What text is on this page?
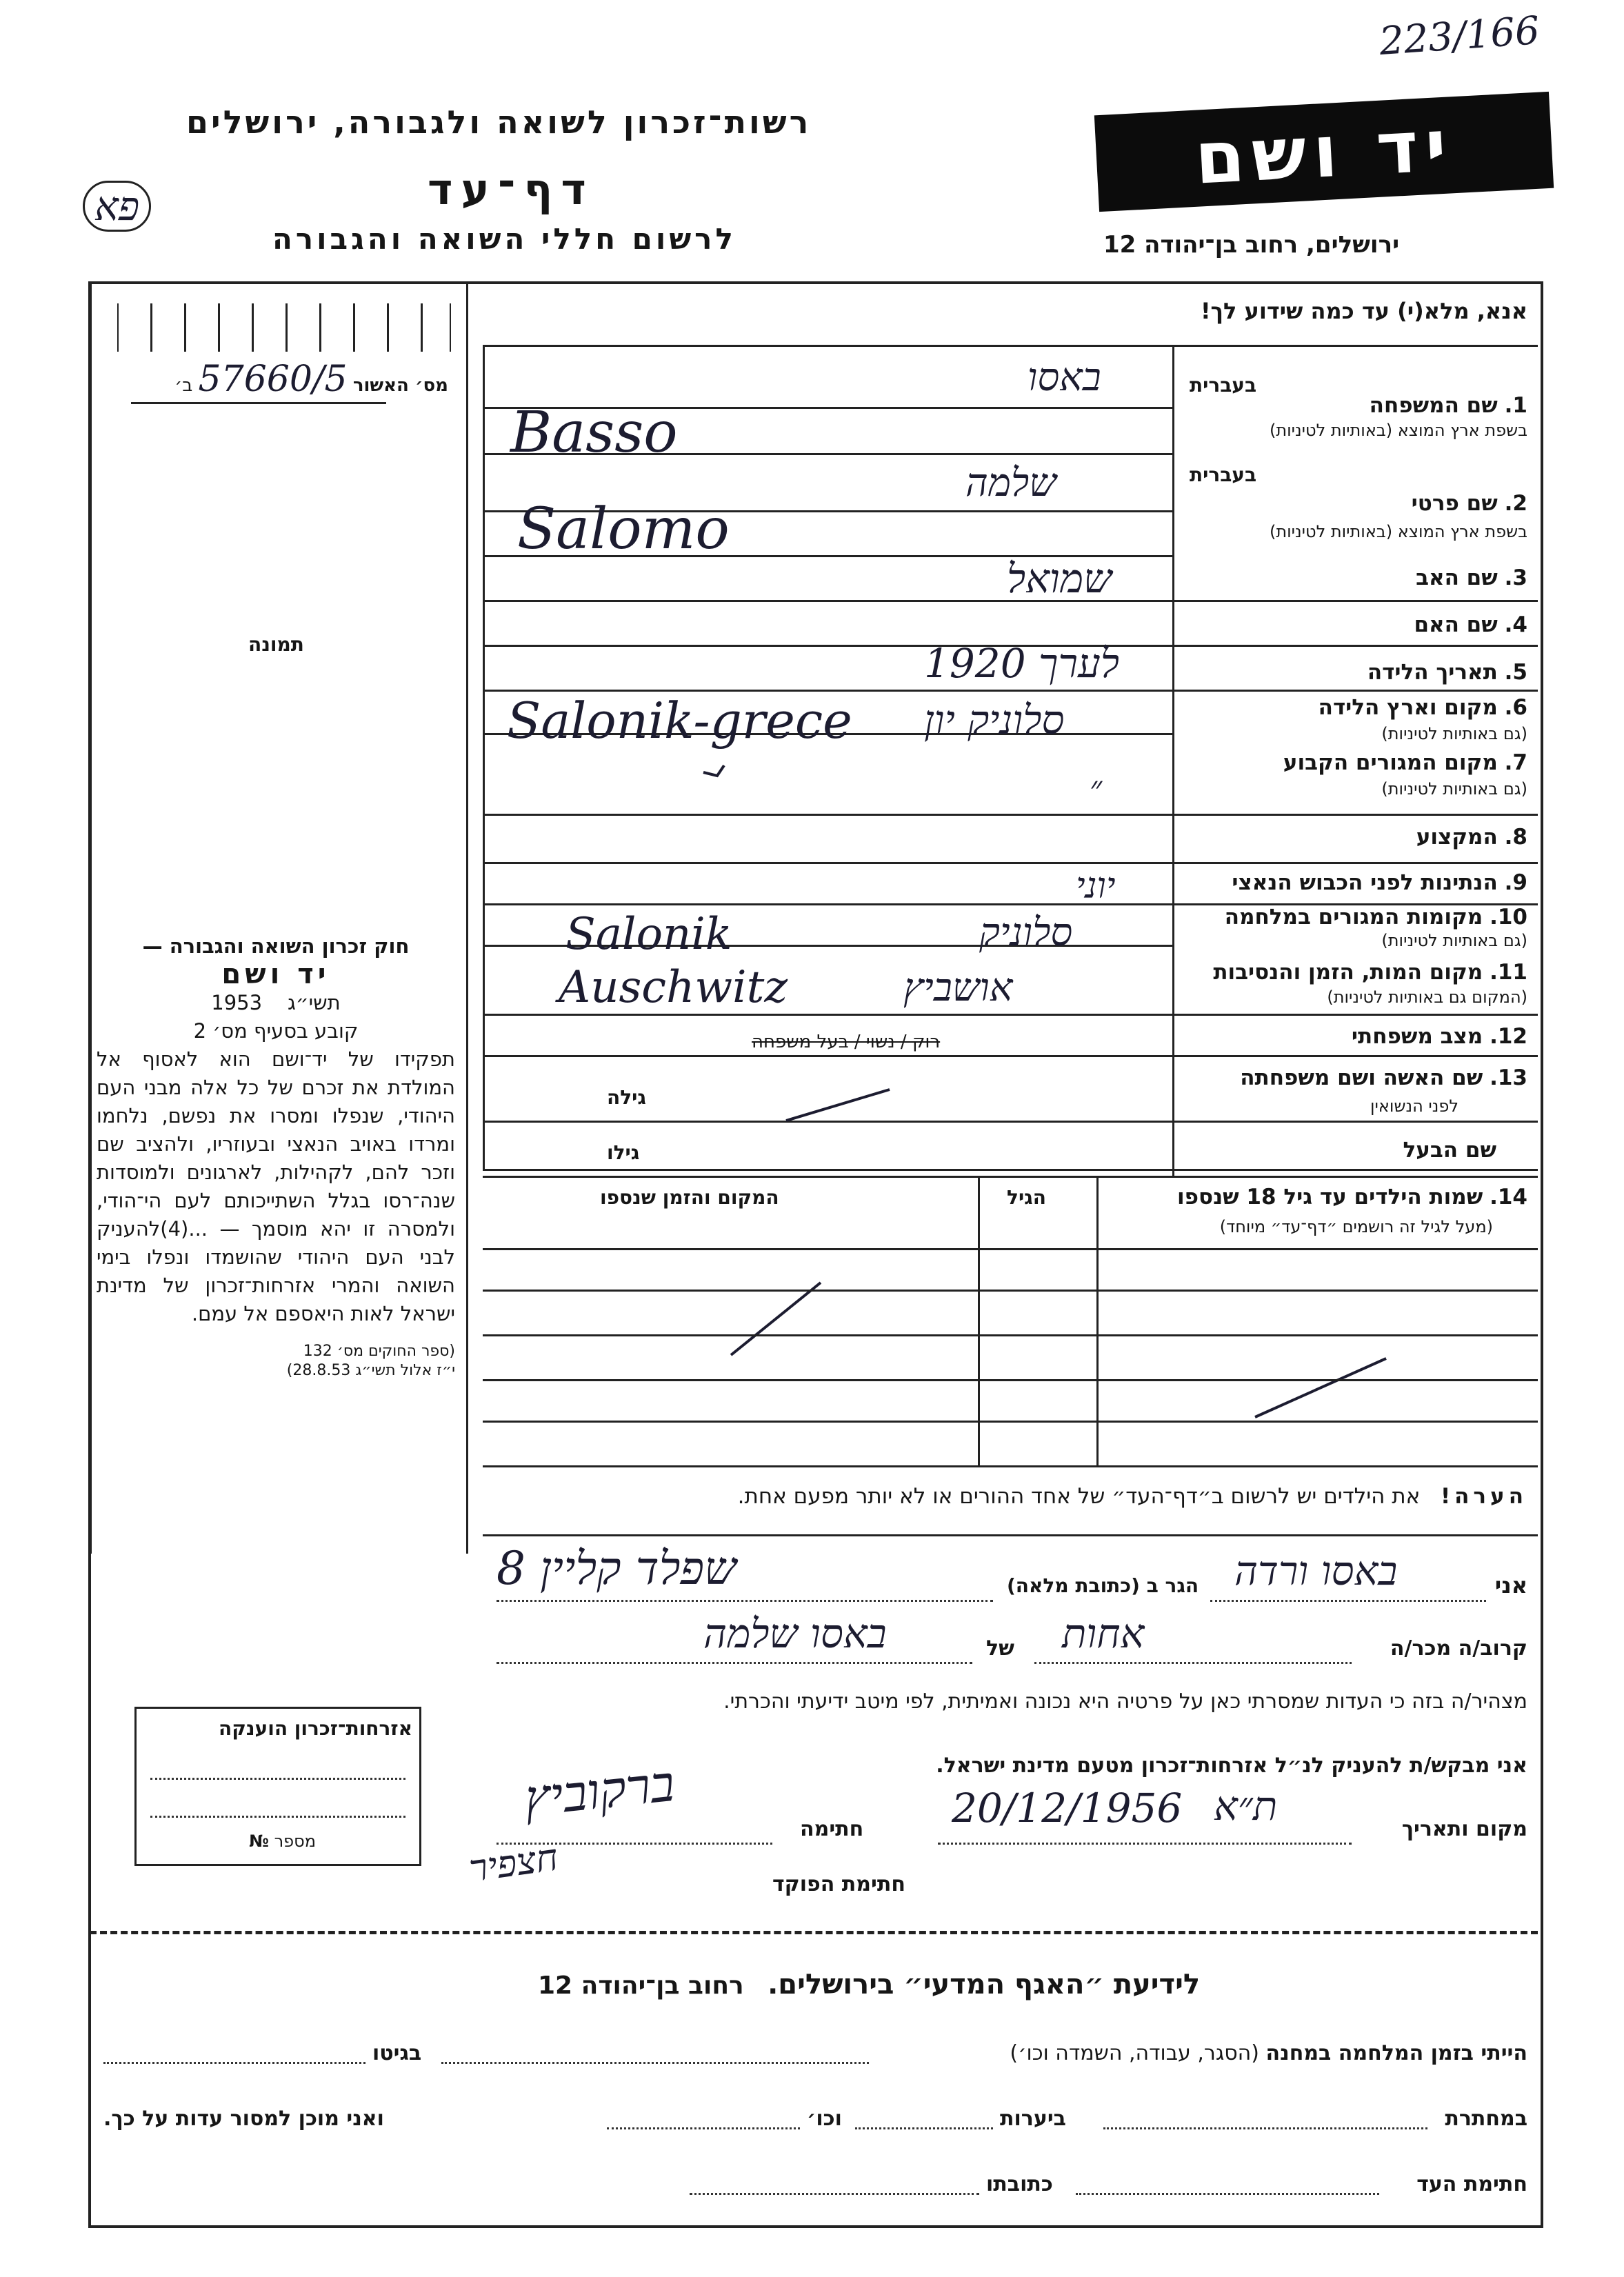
223/166
פא
רשות־זכרון לשואה ולגבורה, ירושלים	יד ושם
דף־עד
לרשום חללי השואה והגבורה	ירושלים, רחוב בן־יהודה 12
אנא, מלא(י) עד כמה שידוע לך!
מס׳ האשור 57660/5 ב׳
תמונה
חוק זכרון השואה והגבורה —
יד ושם
תשי״ג    1953
קובע בסעיף מס׳ 2
תפקידו של יד־ושם הוא לאסוף אל המולדת את זכרם של כל אלה מבני העם היהודי, שנפלו ומסרו את נפשם, נלחמו ומרדו באויב הנאצי ובעוזריו, ולהציב שם וזכר להם, לקהילות, לארגונים ולמוסדות שנה־רסו בגלל השתייכותם לעם הי־הודי, ולמסרה זו יהא מוסמך — ...(4)להעניק לבני העם היהודי שהושמדו ונפלו בימי השואה והמרי אזרחות־זכרון של מדינת ישראל לאות היאספם אל עמם.
(ספר החוקים מס׳ 132
י״ז אלול תשי״ג 28.8.53)
בעברית
בעברית
1. שם המשפחה
בשפת ארץ המוצא (באותיות לטיניות)
2. שם פרטי
בשפת ארץ המוצא (באותיות לטיניות)
3. שם האב
4. שם האם
5. תאריך הלידה
6. מקום וארץ הלידה
(גם באותיות לטיניות)
7. מקום המגורים הקבוע
(גם באותיות לטיניות)
8. המקצוע
9. הנתינות לפני הכבוש הנאצי
10. מקומות המגורים במלחמה
(גם באותיות לטיניות)
11. מקום המות, הזמן והנסיבות
(המקום גם באותיות לטיניות)
12. מצב משפחתי
13. שם האשה ושם משפחתה
לפני הנשואין
שם הבעל
באסו
Basso
שלמה
Salomo
שמואל
לערך 1920
סלוניק יון
Salonik-grece
״
יוני
סלוניק
Salonik
אושביץ
Auschwitz
רוק / נשוי / בעל משפחה
גילה
גילו
14. שמות הילדים עד גיל 18 שנספו
(מעל לגיל זה רושמים ״דף־עד״ מיוחד)
הגיל
המקום והזמן שנספו
הערה!   את הילדים יש לרשום ב״דף־העד״ של אחד ההורים או לא יותר מפעם אחת.
אני
באסו ורדה
הגר ב (כתובת מלאה)
שפלד קליין 8
קרוב/ה מכר/ה
אחות
של
באסו שלמה
מצהיר/ה בזה כי העדות שמסרתי כאן על פרטיה היא נכונה ואמיתית, לפי מיטב ידיעתי והכרתי.
אני מבקש/ת להעניק לנ״ל אזרחות־זכרון מטעם מדינת ישראל.
מקום ותאריך
ת״א
20/12/1956
חתימה
ברקוביץ
חתימת הפוקד
חצפיר
אזרחות־זכרון הוענקה
מספר №
לידיעת ״האגף המדעי״ בירושלים.   רחוב בן־יהודה 12
הייתי בזמן המלחמה במחנה (הסגר, עבודה, השמדה וכו׳)
בגיטו
במחתרת
ביערות
וכו׳
ואני מוכן למסור עדות על כך.
חתימת העד
כתובתו
